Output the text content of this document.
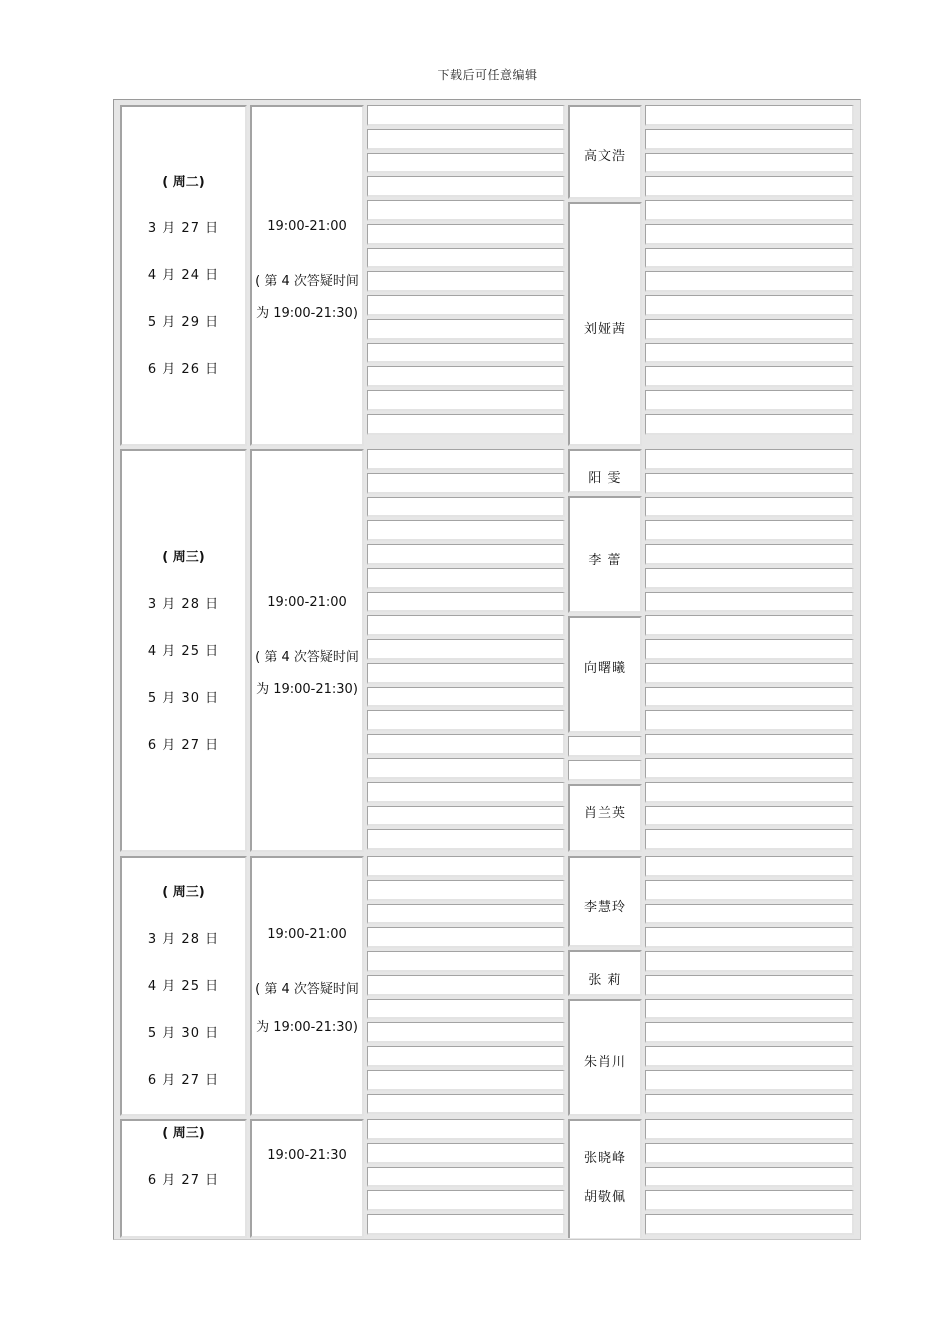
下载后可任意编辑
( 周二)
3 月 27 日
4 月 24 日
5 月 29 日
6 月 26 日
19:00-21:00
( 第 4 次答疑时间
为 19:00-21:30)
高文浩
刘娅茜
( 周三)
3 月 28 日
4 月 25 日
5 月 30 日
6 月 27 日
19:00-21:00
( 第 4 次答疑时间
为 19:00-21:30)
阳 雯
李 蕾
向曙曦
肖兰英
( 周三)
3 月 28 日
4 月 25 日
5 月 30 日
6 月 27 日
19:00-21:00
( 第 4 次答疑时间
为 19:00-21:30)
李慧玲
张 莉
朱肖川
( 周三)
6 月 27 日
19:00-21:30	张晓峰
胡敬佩
